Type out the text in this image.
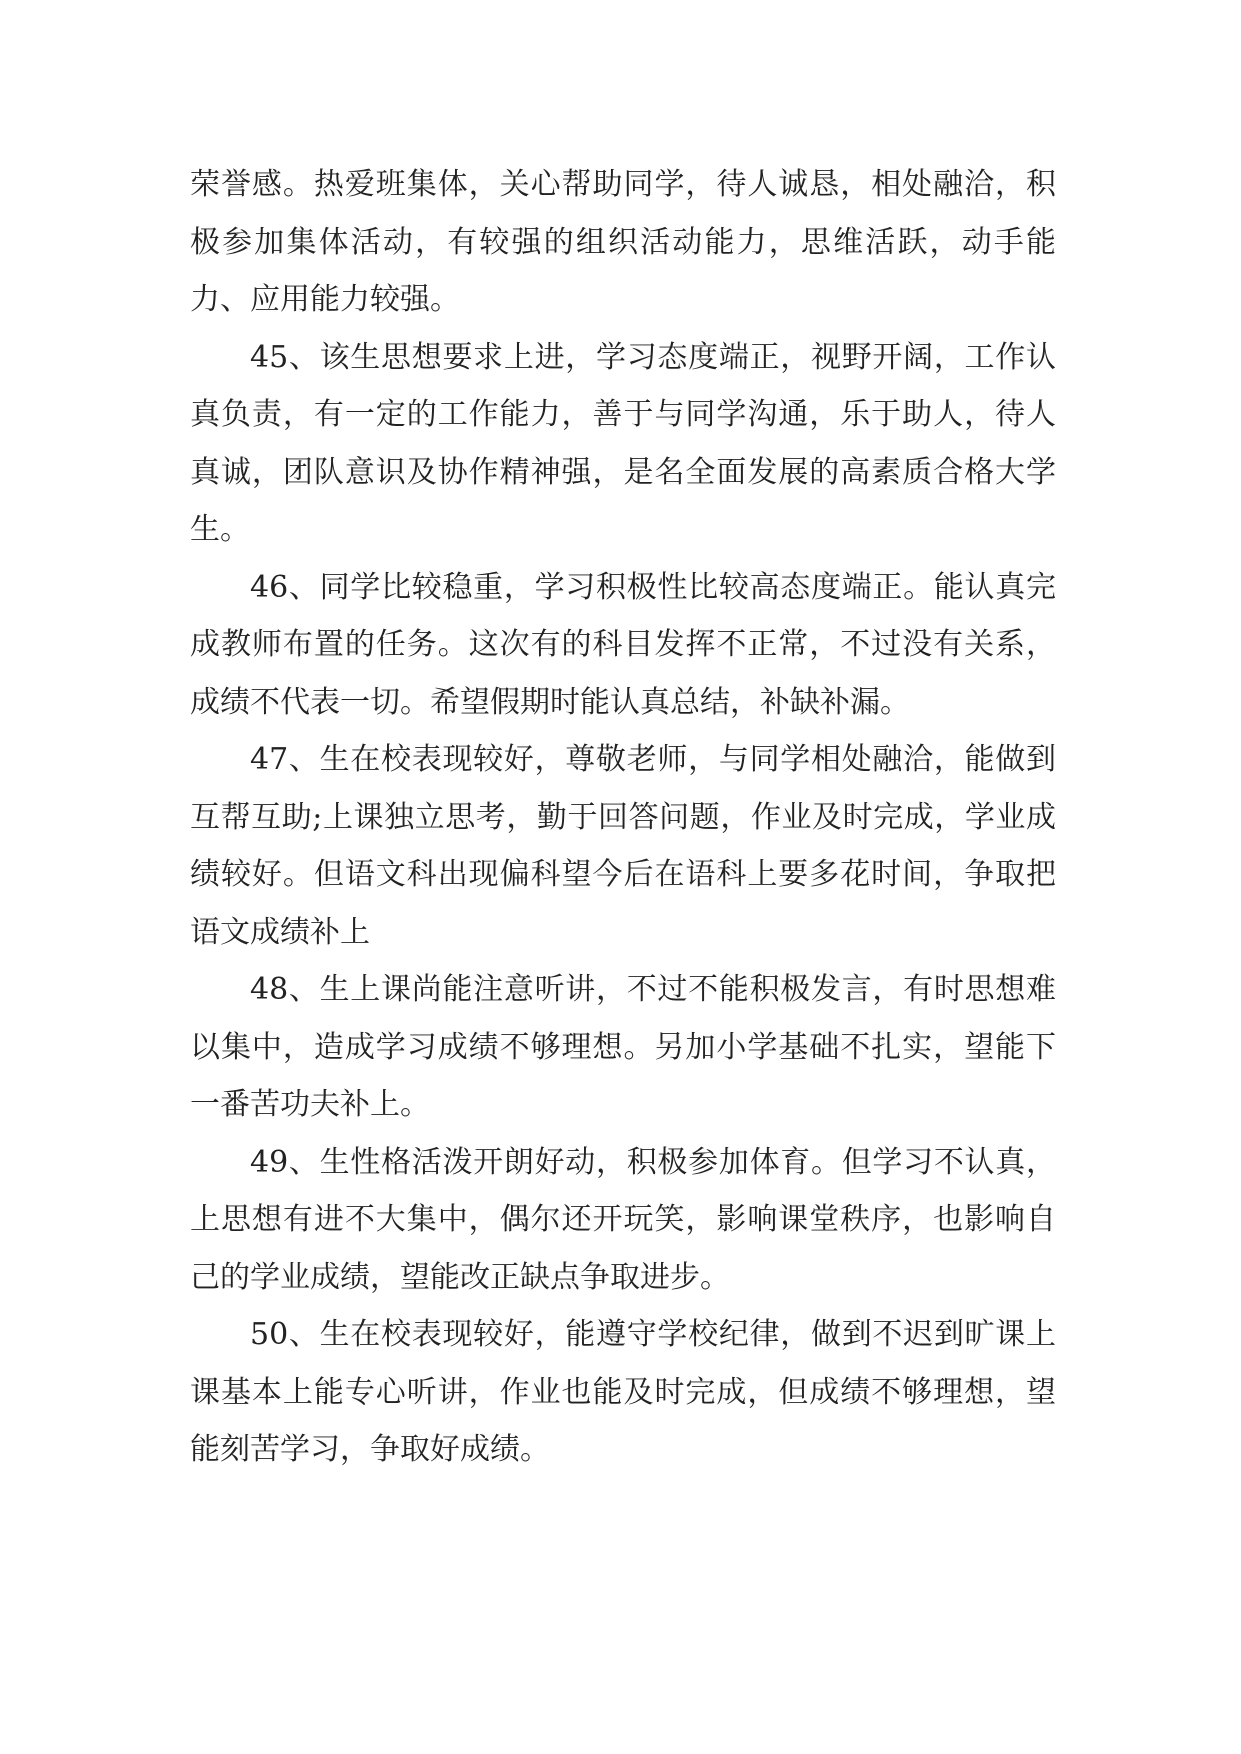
荣誉感。热爱班集体，关心帮助同学，待人诚恳，相处融洽，积极参加集体活动，有较强的组织活动能力，思维活跃，动手能力、应用能力较强。

45、该生思想要求上进，学习态度端正，视野开阔，工作认真负责，有一定的工作能力，善于与同学沟通，乐于助人，待人真诚，团队意识及协作精神强，是名全面发展的高素质合格大学生。

46、同学比较稳重，学习积极性比较高态度端正。能认真完成教师布置的任务。这次有的科目发挥不正常，不过没有关系，成绩不代表一切。希望假期时能认真总结，补缺补漏。

47、生在校表现较好，尊敬老师，与同学相处融洽，能做到互帮互助;上课独立思考，勤于回答问题，作业及时完成，学业成绩较好。但语文科出现偏科望今后在语科上要多花时间，争取把语文成绩补上

48、生上课尚能注意听讲，不过不能积极发言，有时思想难以集中，造成学习成绩不够理想。另加小学基础不扎实，望能下一番苦功夫补上。

49、生性格活泼开朗好动，积极参加体育。但学习不认真，上思想有进不大集中，偶尔还开玩笑，影响课堂秩序，也影响自己的学业成绩，望能改正缺点争取进步。

50、生在校表现较好，能遵守学校纪律，做到不迟到旷课上课基本上能专心听讲，作业也能及时完成，但成绩不够理想，望能刻苦学习，争取好成绩。
